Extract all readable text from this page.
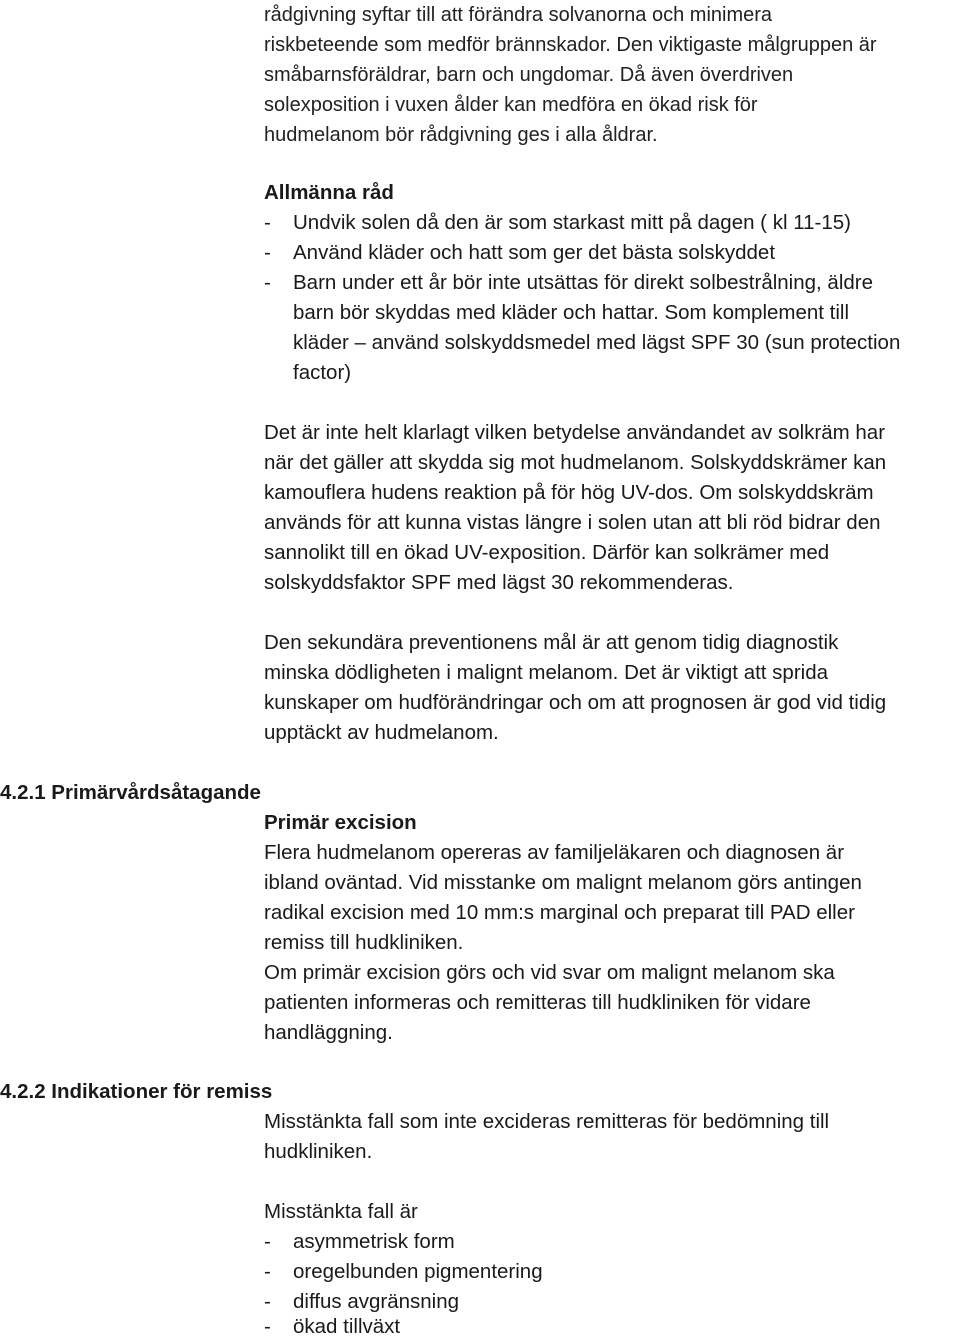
rådgivning syftar till att förändra solvanorna och minimera
riskbeteende som medför brännskador. Den viktigaste målgruppen är
småbarnsföräldrar, barn och ungdomar. Då även överdriven
solexposition i vuxen ålder kan medföra en ökad risk för
hudmelanom bör rådgivning ges i alla åldrar.
Allmänna råd
-	Undvik solen då den är som starkast mitt på dagen ( kl 11-15)
-	Använd kläder och hatt som ger det bästa solskyddet
-	Barn under ett år bör inte utsättas för direkt solbestrålning, äldre
barn bör skyddas med kläder och hattar. Som komplement till
kläder – använd solskyddsmedel med lägst SPF 30 (sun protection
factor)
Det är inte helt klarlagt vilken betydelse användandet av solkräm har
när det gäller att skydda sig mot hudmelanom. Solskyddskrämer kan
kamouflera hudens reaktion på för hög UV-dos. Om solskyddskräm
används för att kunna vistas längre i solen utan att bli röd bidrar den
sannolikt till en ökad UV-exposition. Därför kan solkrämer med
solskyddsfaktor SPF med lägst 30 rekommenderas.
Den sekundära preventionens mål är att genom tidig diagnostik
minska dödligheten i malignt melanom. Det är viktigt att sprida
kunskaper om hudförändringar och om att prognosen är god vid tidig
upptäckt av hudmelanom.
4.2.1 Primärvårdsåtagande
Primär excision
Flera hudmelanom opereras av familjeläkaren och diagnosen är
ibland oväntad. Vid misstanke om malignt melanom görs antingen
radikal excision med 10 mm:s marginal och preparat till PAD eller
remiss till hudkliniken.
Om primär excision görs och vid svar om malignt melanom ska
patienten informeras och remitteras till hudkliniken för vidare
handläggning.
4.2.2 Indikationer för remiss
Misstänkta fall som inte excideras remitteras för bedömning till
hudkliniken.
Misstänkta fall är
-	asymmetrisk form
-	oregelbunden pigmentering
-	diffus avgränsning
-	ökad tillväxt
